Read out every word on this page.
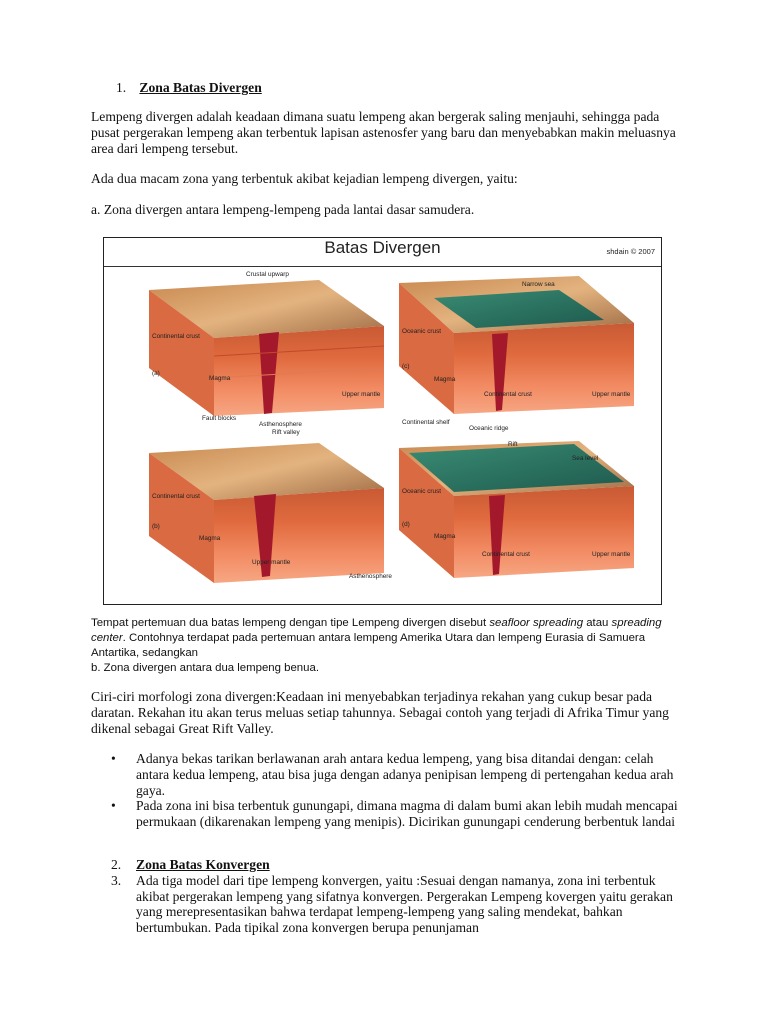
1. Zona Batas Divergen

Lempeng divergen adalah keadaan dimana suatu lempeng akan bergerak saling menjauhi, sehingga pada pusat pergerakan lempeng akan terbentuk lapisan astenosfer yang baru dan menyebabkan makin meluasnya area dari lempeng tersebut.

Ada dua macam zona yang terbentuk akibat kejadian lempeng divergen, yaitu:

a. Zona divergen antara lempeng-lempeng pada lantai dasar samudera.

Crustal upwarp
Continental crust
(a)
Magma
Asthenosphere
Upper mantle
Narrow sea
Oceanic crust
(c)
Magma
Continental crust	Upper mantle
Fault blocks
Rift valley
Continental crust
(b)
Magma
Upper mantle
Asthenosphere
Continental shelf
Oceanic ridge
Rift
Sea level
Oceanic crust
(d)
Magma
Continental crust	Upper mantle
Batas Divergen	shdain © 2007
Tempat pertemuan dua batas lempeng dengan tipe Lempeng divergen disebut seafloor spreading atau spreading center. Contohnya terdapat pada pertemuan antara lempeng Amerika Utara dan lempeng Eurasia di Samuera Antartika, sedangkan
b. Zona divergen antara dua lempeng benua.

Ciri-ciri morfologi zona divergen:Keadaan ini menyebabkan terjadinya rekahan yang cukup besar pada daratan. Rekahan itu akan terus meluas setiap tahunnya. Sebagai contoh yang terjadi di Afrika Timur yang dikenal sebagai Great Rift Valley.

• Adanya bekas tarikan berlawanan arah antara kedua lempeng, yang bisa ditandai dengan: celah antara kedua lempeng, atau bisa juga dengan adanya penipisan lempeng di pertengahan kedua arah gaya.
• Pada zona ini bisa terbentuk gunungapi, dimana magma di dalam bumi akan lebih mudah mencapai permukaan (dikarenakan lempeng yang menipis). Dicirikan gunungapi cenderung berbentuk landai
2. Zona Batas Konvergen
3. Ada tiga model dari tipe lempeng konvergen, yaitu :Sesuai dengan namanya, zona ini terbentuk akibat pergerakan lempeng yang sifatnya konvergen. Pergerakan Lempeng kovergen yaitu gerakan yang merepresentasikan bahwa terdapat lempeng-lempeng yang saling mendekat, bahkan bertumbukan. Pada tipikal zona konvergen berupa penunjaman
